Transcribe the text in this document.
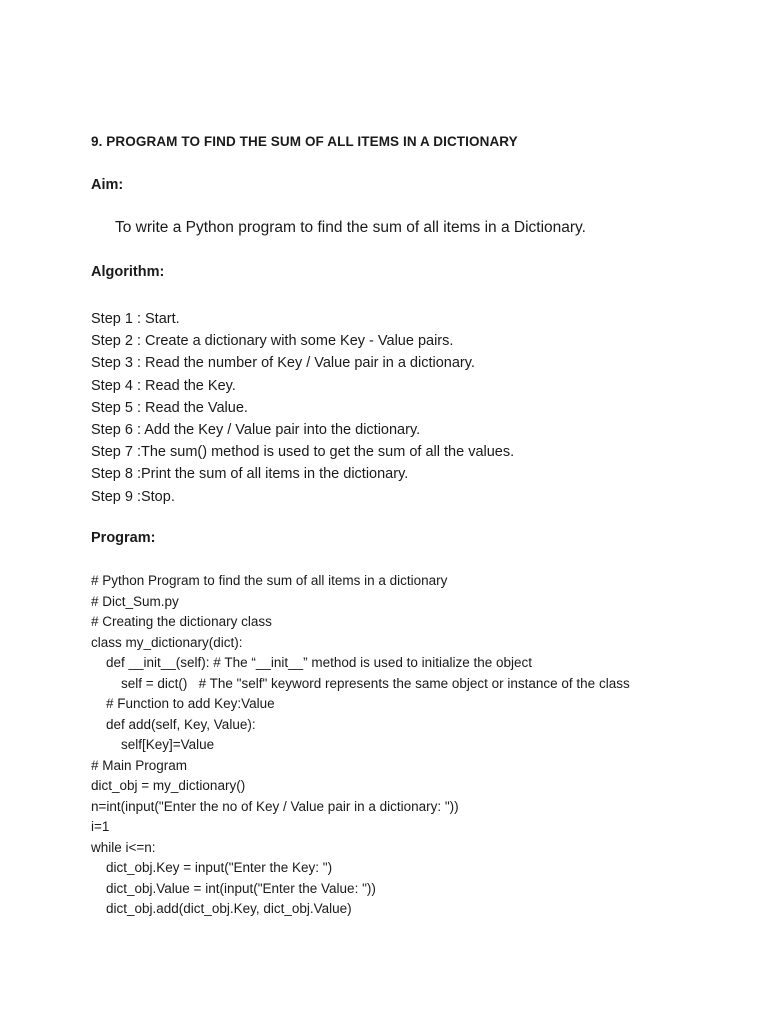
9. PROGRAM TO FIND THE SUM OF ALL ITEMS IN A DICTIONARY
Aim:
To write a Python program to find the sum of all items in a Dictionary.
Algorithm:
Step 1 : Start.
Step 2 : Create a dictionary with some Key - Value pairs.
Step 3 : Read the number of Key / Value pair in a dictionary.
Step 4 : Read the Key.
Step 5 : Read the Value.
Step 6 : Add the Key / Value pair into the dictionary.
Step 7 :The sum() method is used to get the sum of all the values.
Step 8 :Print the sum of all items in the dictionary.
Step 9 :Stop.
Program:
# Python Program to find the sum of all items in a dictionary
# Dict_Sum.py
# Creating the dictionary class
class my_dictionary(dict):
def __init__(self): # The “__init__” method is used to initialize the object
self = dict()   # The "self" keyword represents the same object or instance of the class
# Function to add Key:Value
def add(self, Key, Value):
self[Key]=Value
# Main Program
dict_obj = my_dictionary()
n=int(input("Enter the no of Key / Value pair in a dictionary: "))
i=1
while i<=n:
dict_obj.Key = input("Enter the Key: ")
dict_obj.Value = int(input("Enter the Value: "))
dict_obj.add(dict_obj.Key, dict_obj.Value)
